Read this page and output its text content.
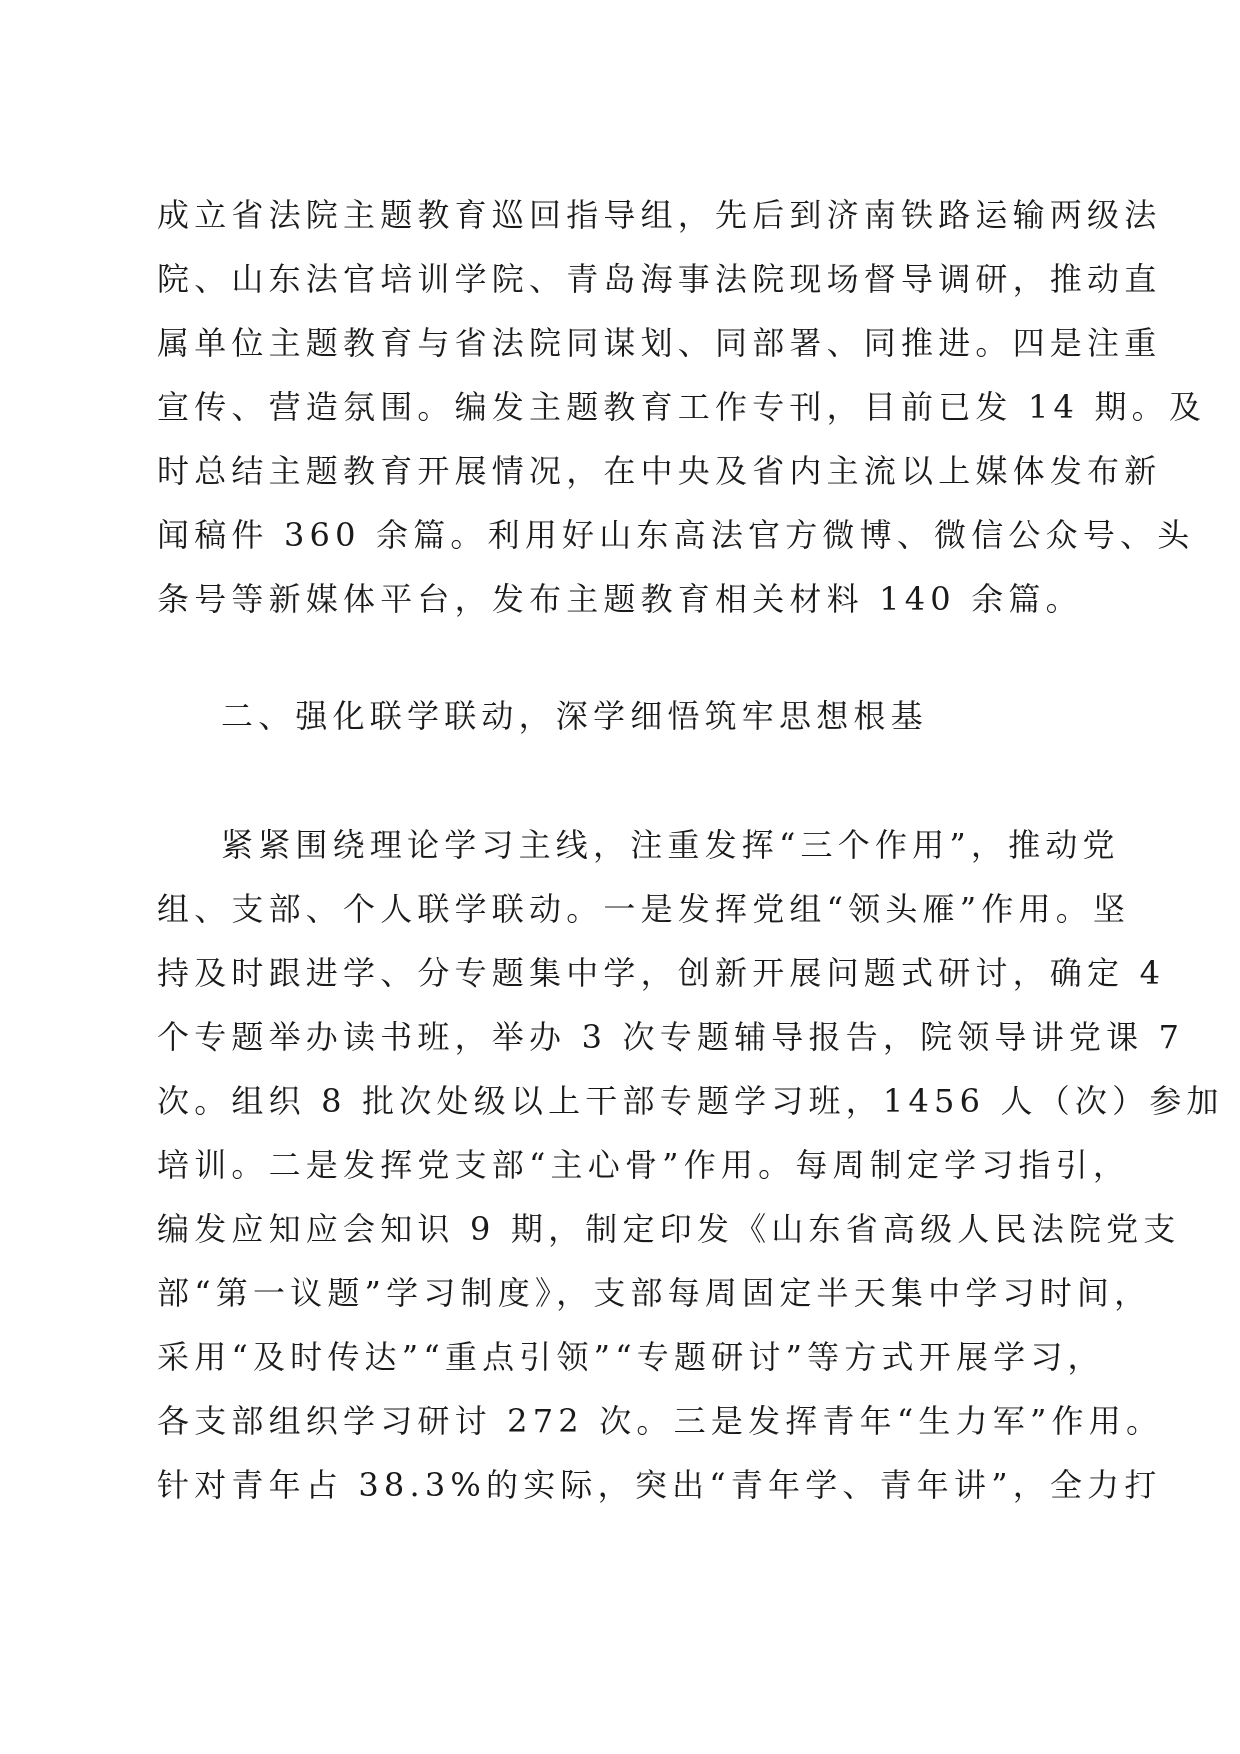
成立省法院主题教育巡回指导组，先后到济南铁路运输两级法
院、山东法官培训学院、青岛海事法院现场督导调研，推动直
属单位主题教育与省法院同谋划、同部署、同推进。四是注重
宣传、营造氛围。编发主题教育工作专刊，目前已发 14 期。及
时总结主题教育开展情况，在中央及省内主流以上媒体发布新
闻稿件 360 余篇。利用好山东高法官方微博、微信公众号、头
条号等新媒体平台，发布主题教育相关材料 140 余篇。

二、强化联学联动，深学细悟筑牢思想根基

紧紧围绕理论学习主线，注重发挥“三个作用”，推动党
组、支部、个人联学联动。一是发挥党组“领头雁”作用。坚
持及时跟进学、分专题集中学，创新开展问题式研讨，确定 4
个专题举办读书班，举办 3 次专题辅导报告，院领导讲党课 7
次。组织 8 批次处级以上干部专题学习班，1456 人（次）参加
培训。二是发挥党支部“主心骨”作用。每周制定学习指引，
编发应知应会知识 9 期，制定印发《山东省高级人民法院党支
部“第一议题”学习制度》，支部每周固定半天集中学习时间，
采用“及时传达”“重点引领”“专题研讨”等方式开展学习，
各支部组织学习研讨 272 次。三是发挥青年“生力军”作用。
针对青年占 38.3%的实际，突出“青年学、青年讲”，全力打
